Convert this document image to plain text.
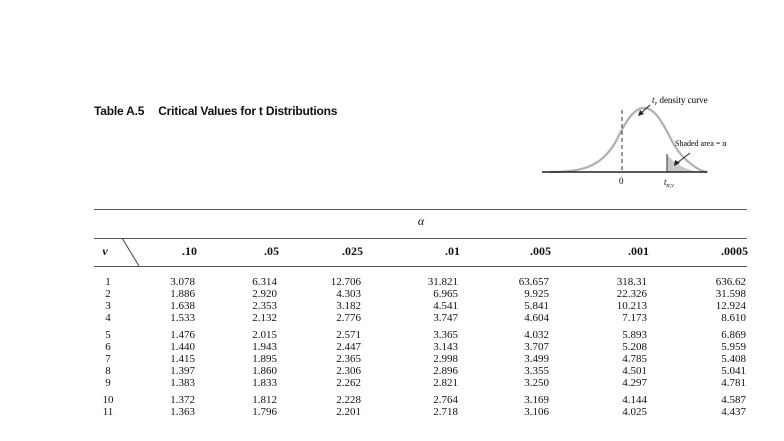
Table A.5 Critical Values for t Distributions
$t_\nu$ density curve
Shaded area = α
0	$t_{\alpha,\nu}$
α
ν	.10	.05	.025	.01	.005	.001	.0005
1	3.078	6.314	12.706	31.821	63.657	318.31	636.62
2	1.886	2.920	4.303	6.965	9.925	22.326	31.598
3	1.638	2.353	3.182	4.541	5.841	10.213	12.924
4	1.533	2.132	2.776	3.747	4.604	7.173	8.610
5	1.476	2.015	2.571	3.365	4.032	5.893	6.869
6	1.440	1.943	2.447	3.143	3.707	5.208	5.959
7	1.415	1.895	2.365	2.998	3.499	4.785	5.408
8	1.397	1.860	2.306	2.896	3.355	4.501	5.041
9	1.383	1.833	2.262	2.821	3.250	4.297	4.781
10	1.372	1.812	2.228	2.764	3.169	4.144	4.587
11	1.363	1.796	2.201	2.718	3.106	4.025	4.437
